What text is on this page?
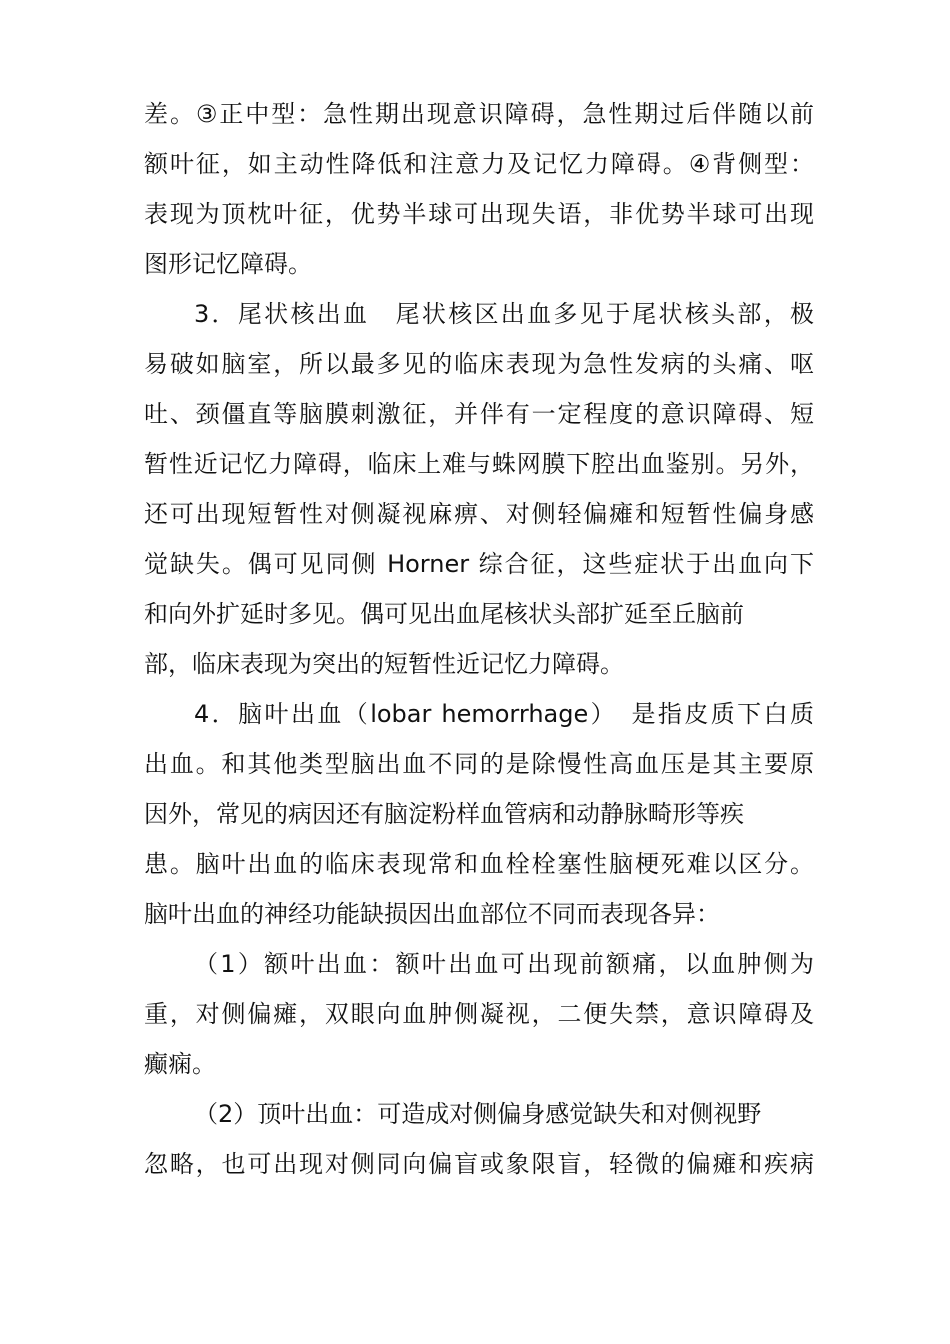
差。③正中型：急性期出现意识障碍，急性期过后伴随以前
额叶征，如主动性降低和注意力及记忆力障碍。④背侧型：
表现为顶枕叶征，优势半球可出现失语，非优势半球可出现
图形记忆障碍。
3．尾状核出血　尾状核区出血多见于尾状核头部，极
易破如脑室，所以最多见的临床表现为急性发病的头痛、呕
吐、颈僵直等脑膜刺激征，并伴有一定程度的意识障碍、短
暂性近记忆力障碍，临床上难与蛛网膜下腔出血鉴别。另外，
还可出现短暂性对侧凝视麻痹、对侧轻偏瘫和短暂性偏身感
觉缺失。偶可见同侧 Horner 综合征，这些症状于出血向下
和向外扩延时多见。偶可见出血尾核状头部扩延至丘脑前
部，临床表现为突出的短暂性近记忆力障碍。
4．脑叶出血（lobar hemorrhage）　是指皮质下白质
出血。和其他类型脑出血不同的是除慢性高血压是其主要原
因外，常见的病因还有脑淀粉样血管病和动静脉畸形等疾
患。脑叶出血的临床表现常和血栓栓塞性脑梗死难以区分。
脑叶出血的神经功能缺损因出血部位不同而表现各异：
（1）额叶出血：额叶出血可出现前额痛，以血肿侧为
重，对侧偏瘫，双眼向血肿侧凝视，二便失禁，意识障碍及
癫痫。
（2）顶叶出血：可造成对侧偏身感觉缺失和对侧视野
忽略，也可出现对侧同向偏盲或象限盲，轻微的偏瘫和疾病
